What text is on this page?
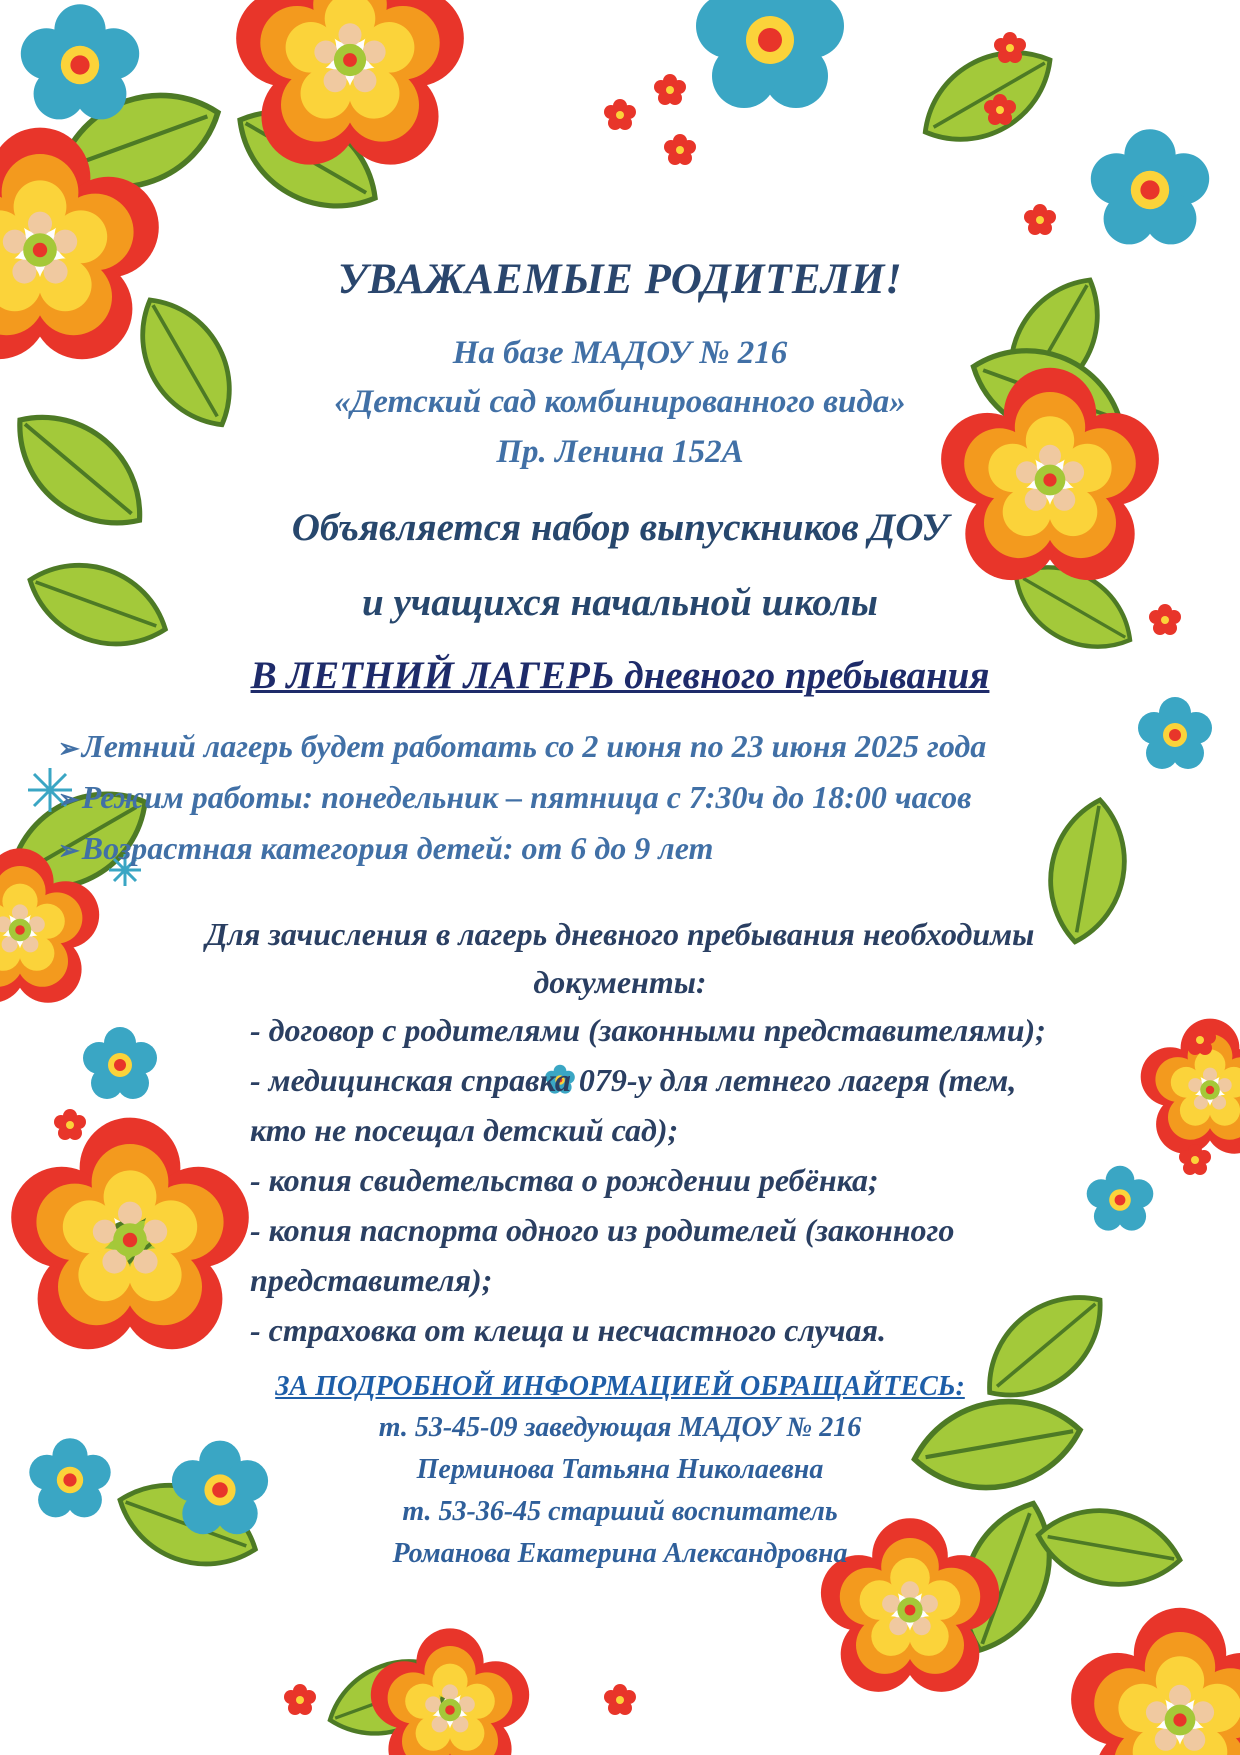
УВАЖАЕМЫЕ РОДИТЕЛИ!
На базе МАДОУ № 216
«Детский сад комбинированного вида»
Пр. Ленина 152А
Объявляется набор выпускников ДОУ
и учащихся начальной школы
В ЛЕТНИЙ ЛАГЕРЬ дневного пребывания
➢Летний лагерь будет работать со 2 июня по 23 июня 2025 года
➢Режим работы: понедельник – пятница с 7:30ч до 18:00 часов
➢Возрастная категория детей: от 6 до 9 лет
Для зачисления в лагерь дневного пребывания необходимы
документы:
- договор с родителями (законными представителями);
- медицинская справка 079-у для летнего лагеря (тем,
кто не посещал детский сад);
- копия свидетельства о рождении ребёнка;
- копия паспорта одного из родителей (законного
представителя);
- страховка от клеща и несчастного случая.
ЗА ПОДРОБНОЙ ИНФОРМАЦИЕЙ ОБРАЩАЙТЕСЬ:
т. 53-45-09 заведующая МАДОУ № 216
Перминова Татьяна Николаевна
т. 53-36-45 старший воспитатель
Романова Екатерина Александровна
